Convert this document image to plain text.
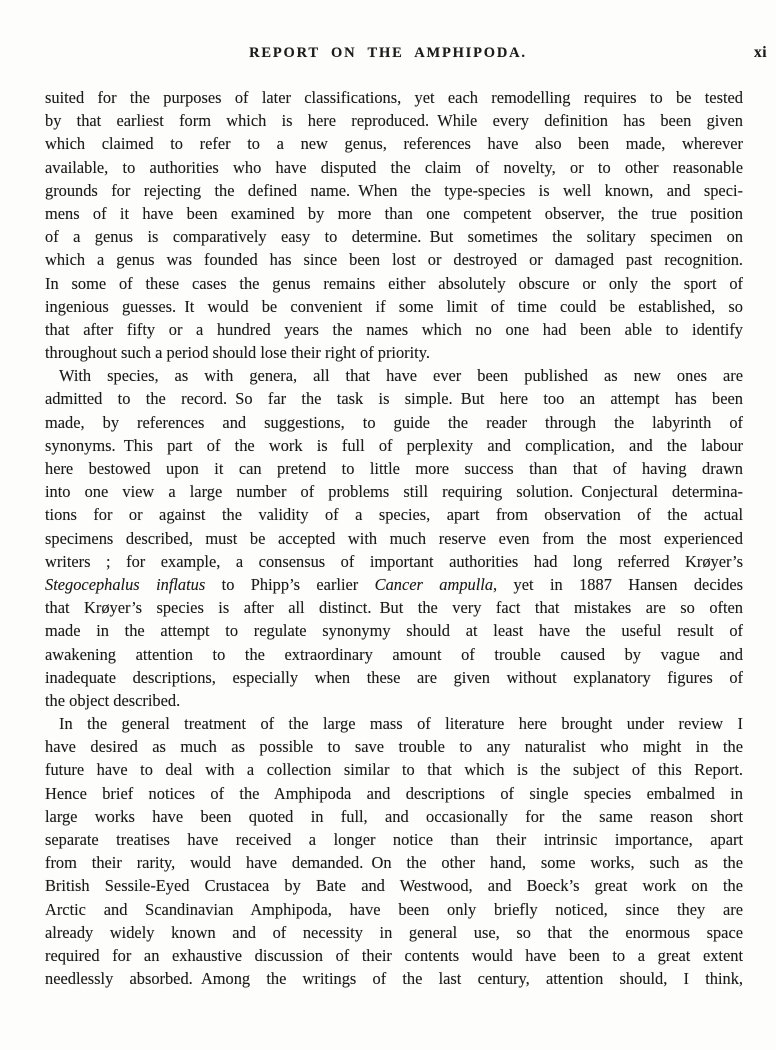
REPORT ON THE AMPHIPODA.	xi
suited for the purposes of later classifications, yet each remodelling requires to be tested
by that earliest form which is here reproduced. While every definition has been given
which claimed to refer to a new genus, references have also been made, wherever
available, to authorities who have disputed the claim of novelty, or to other reasonable
grounds for rejecting the defined name. When the type-species is well known, and speci-
mens of it have been examined by more than one competent observer, the true position
of a genus is comparatively easy to determine. But sometimes the solitary specimen on
which a genus was founded has since been lost or destroyed or damaged past recognition.
In some of these cases the genus remains either absolutely obscure or only the sport of
ingenious guesses. It would be convenient if some limit of time could be established, so
that after fifty or a hundred years the names which no one had been able to identify
throughout such a period should lose their right of priority.
With species, as with genera, all that have ever been published as new ones are
admitted to the record. So far the task is simple. But here too an attempt has been
made, by references and suggestions, to guide the reader through the labyrinth of
synonyms. This part of the work is full of perplexity and complication, and the labour
here bestowed upon it can pretend to little more success than that of having drawn
into one view a large number of problems still requiring solution. Conjectural determina-
tions for or against the validity of a species, apart from observation of the actual
specimens described, must be accepted with much reserve even from the most experienced
writers ; for example, a consensus of important authorities had long referred Krøyer’s
Stegocephalus inflatus to Phipp’s earlier Cancer ampulla, yet in 1887 Hansen decides
that Krøyer’s species is after all distinct. But the very fact that mistakes are so often
made in the attempt to regulate synonymy should at least have the useful result of
awakening attention to the extraordinary amount of trouble caused by vague and
inadequate descriptions, especially when these are given without explanatory figures of
the object described.
In the general treatment of the large mass of literature here brought under review I
have desired as much as possible to save trouble to any naturalist who might in the
future have to deal with a collection similar to that which is the subject of this Report.
Hence brief notices of the Amphipoda and descriptions of single species embalmed in
large works have been quoted in full, and occasionally for the same reason short
separate treatises have received a longer notice than their intrinsic importance, apart
from their rarity, would have demanded. On the other hand, some works, such as the
British Sessile-Eyed Crustacea by Bate and Westwood, and Boeck’s great work on the
Arctic and Scandinavian Amphipoda, have been only briefly noticed, since they are
already widely known and of necessity in general use, so that the enormous space
required for an exhaustive discussion of their contents would have been to a great extent
needlessly absorbed. Among the writings of the last century, attention should, I think,
